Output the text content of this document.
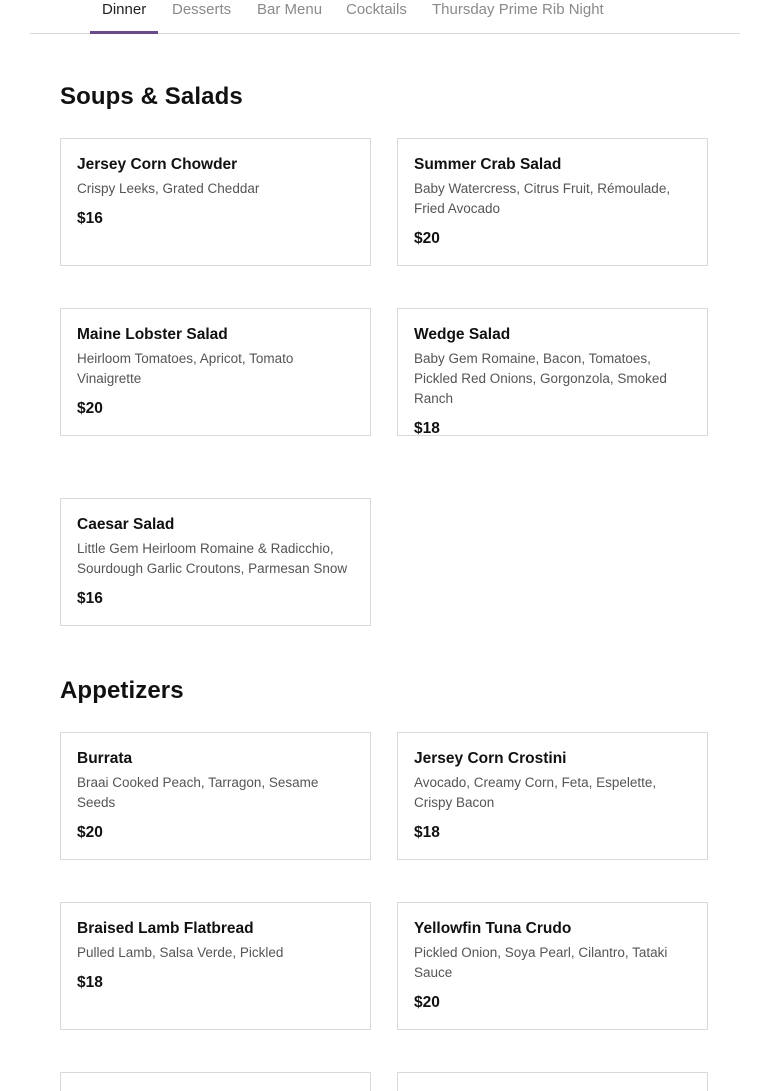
Dinner Desserts Bar Menu Cocktails Thursday Prime Rib Night
Soups & Salads
Jersey Corn Chowder
Crispy Leeks, Grated Cheddar
$16
Summer Crab Salad
Baby Watercress, Citrus Fruit, Rémoulade, Fried Avocado
$20
Maine Lobster Salad
Heirloom Tomatoes, Apricot, Tomato Vinaigrette
$20
Wedge Salad
Baby Gem Romaine, Bacon, Tomatoes, Pickled Red Onions, Gorgonzola, Smoked Ranch
$18
Caesar Salad
Little Gem Heirloom Romaine & Radicchio, Sourdough Garlic Croutons, Parmesan Snow
$16
Appetizers
Burrata
Braai Cooked Peach, Tarragon, Sesame Seeds
$20
Jersey Corn Crostini
Avocado, Creamy Corn, Feta, Espelette, Crispy Bacon
$18
Braised Lamb Flatbread
Pulled Lamb, Salsa Verde, Pickled
$18
Yellowfin Tuna Crudo
Pickled Onion, Soya Pearl, Cilantro, Tataki Sauce
$20
